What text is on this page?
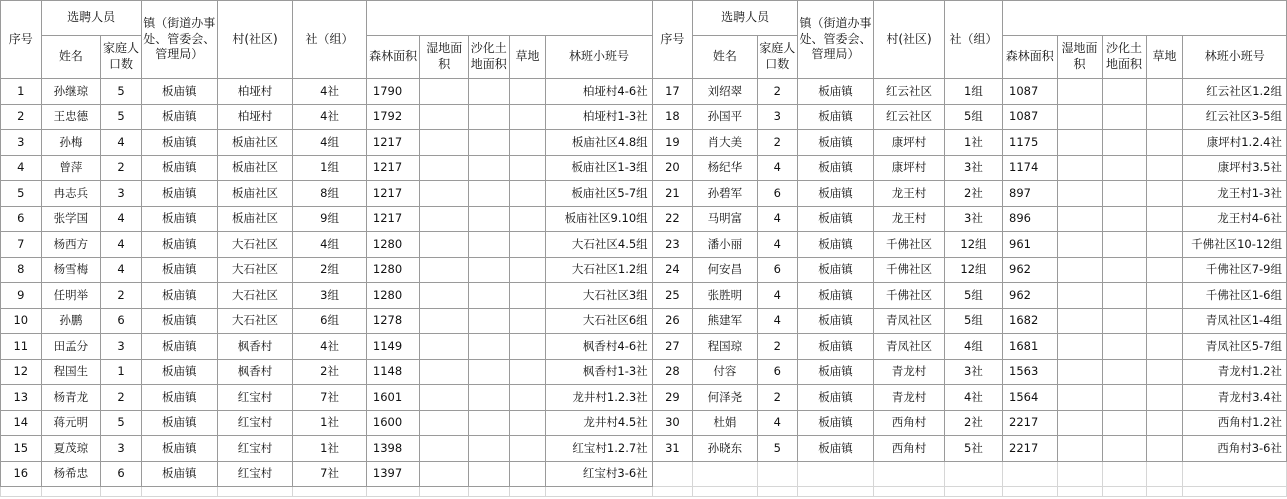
序号	选聘人员		镇（街道办事处、管委会、管理局）	村(社区)	社（组）						序号	选聘人员		镇（街道办事处、管委会、管理局）	村(社区)	社（组）					
	姓名	家庭人口数				森林面积	湿地面积	沙化土地面积	草地	林班小班号		姓名	家庭人口数				森林面积	湿地面积	沙化土地面积	草地	林班小班号
1	孙继琼	5	板庙镇	柏垭村	4社	1790				柏垭村4-6社	17	刘绍翠	2	板庙镇	红云社区	1组	1087				红云社区1.2组
2	王忠德	5	板庙镇	柏垭村	4社	1792				柏垭村1-3社	18	孙国平	3	板庙镇	红云社区	5组	1087				红云社区3-5组
3	孙梅	4	板庙镇	板庙社区	4组	1217				板庙社区4.8组	19	肖大美	2	板庙镇	康坪村	1社	1175				康坪村1.2.4社
4	曾萍	2	板庙镇	板庙社区	1组	1217				板庙社区1-3组	20	杨纪华	4	板庙镇	康坪村	3社	1174				康坪村3.5社
5	冉志兵	3	板庙镇	板庙社区	8组	1217				板庙社区5-7组	21	孙碧军	6	板庙镇	龙王村	2社	897				龙王村1-3社
6	张学国	4	板庙镇	板庙社区	9组	1217				板庙社区9.10组	22	马明富	4	板庙镇	龙王村	3社	896				龙王村4-6社
7	杨西方	4	板庙镇	大石社区	4组	1280				大石社区4.5组	23	潘小丽	4	板庙镇	千佛社区	12组	961				千佛社区10-12组
8	杨雪梅	4	板庙镇	大石社区	2组	1280				大石社区1.2组	24	何安昌	6	板庙镇	千佛社区	12组	962				千佛社区7-9组
9	任明举	2	板庙镇	大石社区	3组	1280				大石社区3组	25	张胜明	4	板庙镇	千佛社区	5组	962				千佛社区1-6组
10	孙鹏	6	板庙镇	大石社区	6组	1278				大石社区6组	26	熊建军	4	板庙镇	青凤社区	5组	1682				青凤社区1-4组
11	田孟分	3	板庙镇	枫香村	4社	1149				枫香村4-6社	27	程国琼	2	板庙镇	青凤社区	4组	1681				青凤社区5-7组
12	程国生	1	板庙镇	枫香村	2社	1148				枫香村1-3社	28	付容	6	板庙镇	青龙村	3社	1563				青龙村1.2社
13	杨青龙	2	板庙镇	红宝村	7社	1601				龙井村1.2.3社	29	何泽尧	2	板庙镇	青龙村	4社	1564				青龙村3.4社
14	蒋元明	5	板庙镇	红宝村	1社	1600				龙井村4.5社	30	杜娟	4	板庙镇	西角村	2社	2217				西角村1.2社
15	夏茂琼	3	板庙镇	红宝村	1社	1398				红宝村1.2.7社	31	孙晓东	5	板庙镇	西角村	5社	2217				西角村3-6社
16	杨希忠	6	板庙镇	红宝村	7社	1397				红宝村3-6社											
